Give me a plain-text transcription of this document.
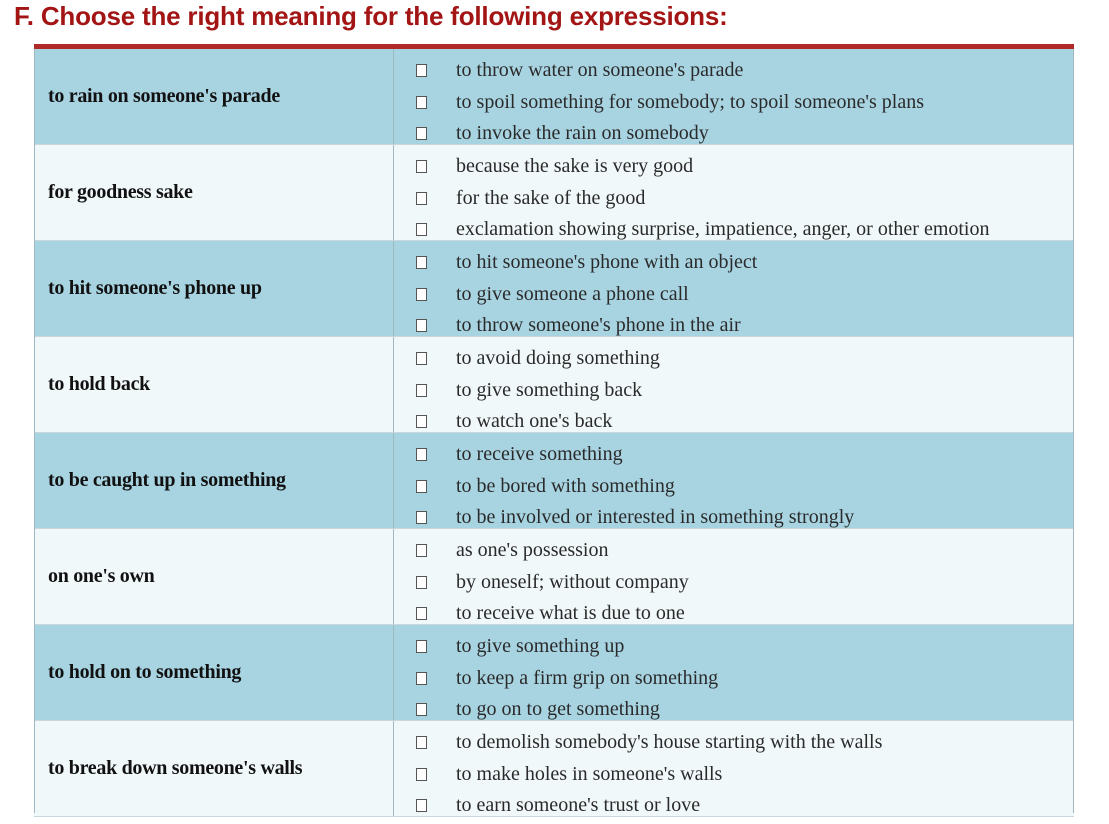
F. Choose the right meaning for the following expressions:
to rain on someone's parade
to throw water on someone's parade
to spoil something for somebody; to spoil someone's plans
to invoke the rain on somebody
for goodness sake
because the sake is very good
for the sake of the good
exclamation showing surprise, impatience, anger, or other emotion
to hit someone's phone up
to hit someone's phone with an object
to give someone a phone call
to throw someone's phone in the air
to hold back
to avoid doing something
to give something back
to watch one's back
to be caught up in something
to receive something
to be bored with something
to be involved or interested in something strongly
on one's own
as one's possession
by oneself; without company
to receive what is due to one
to hold on to something
to give something up
to keep a firm grip on something
to go on to get something
to break down someone's walls
to demolish somebody's house starting with the walls
to make holes in someone's walls
to earn someone's trust or love
